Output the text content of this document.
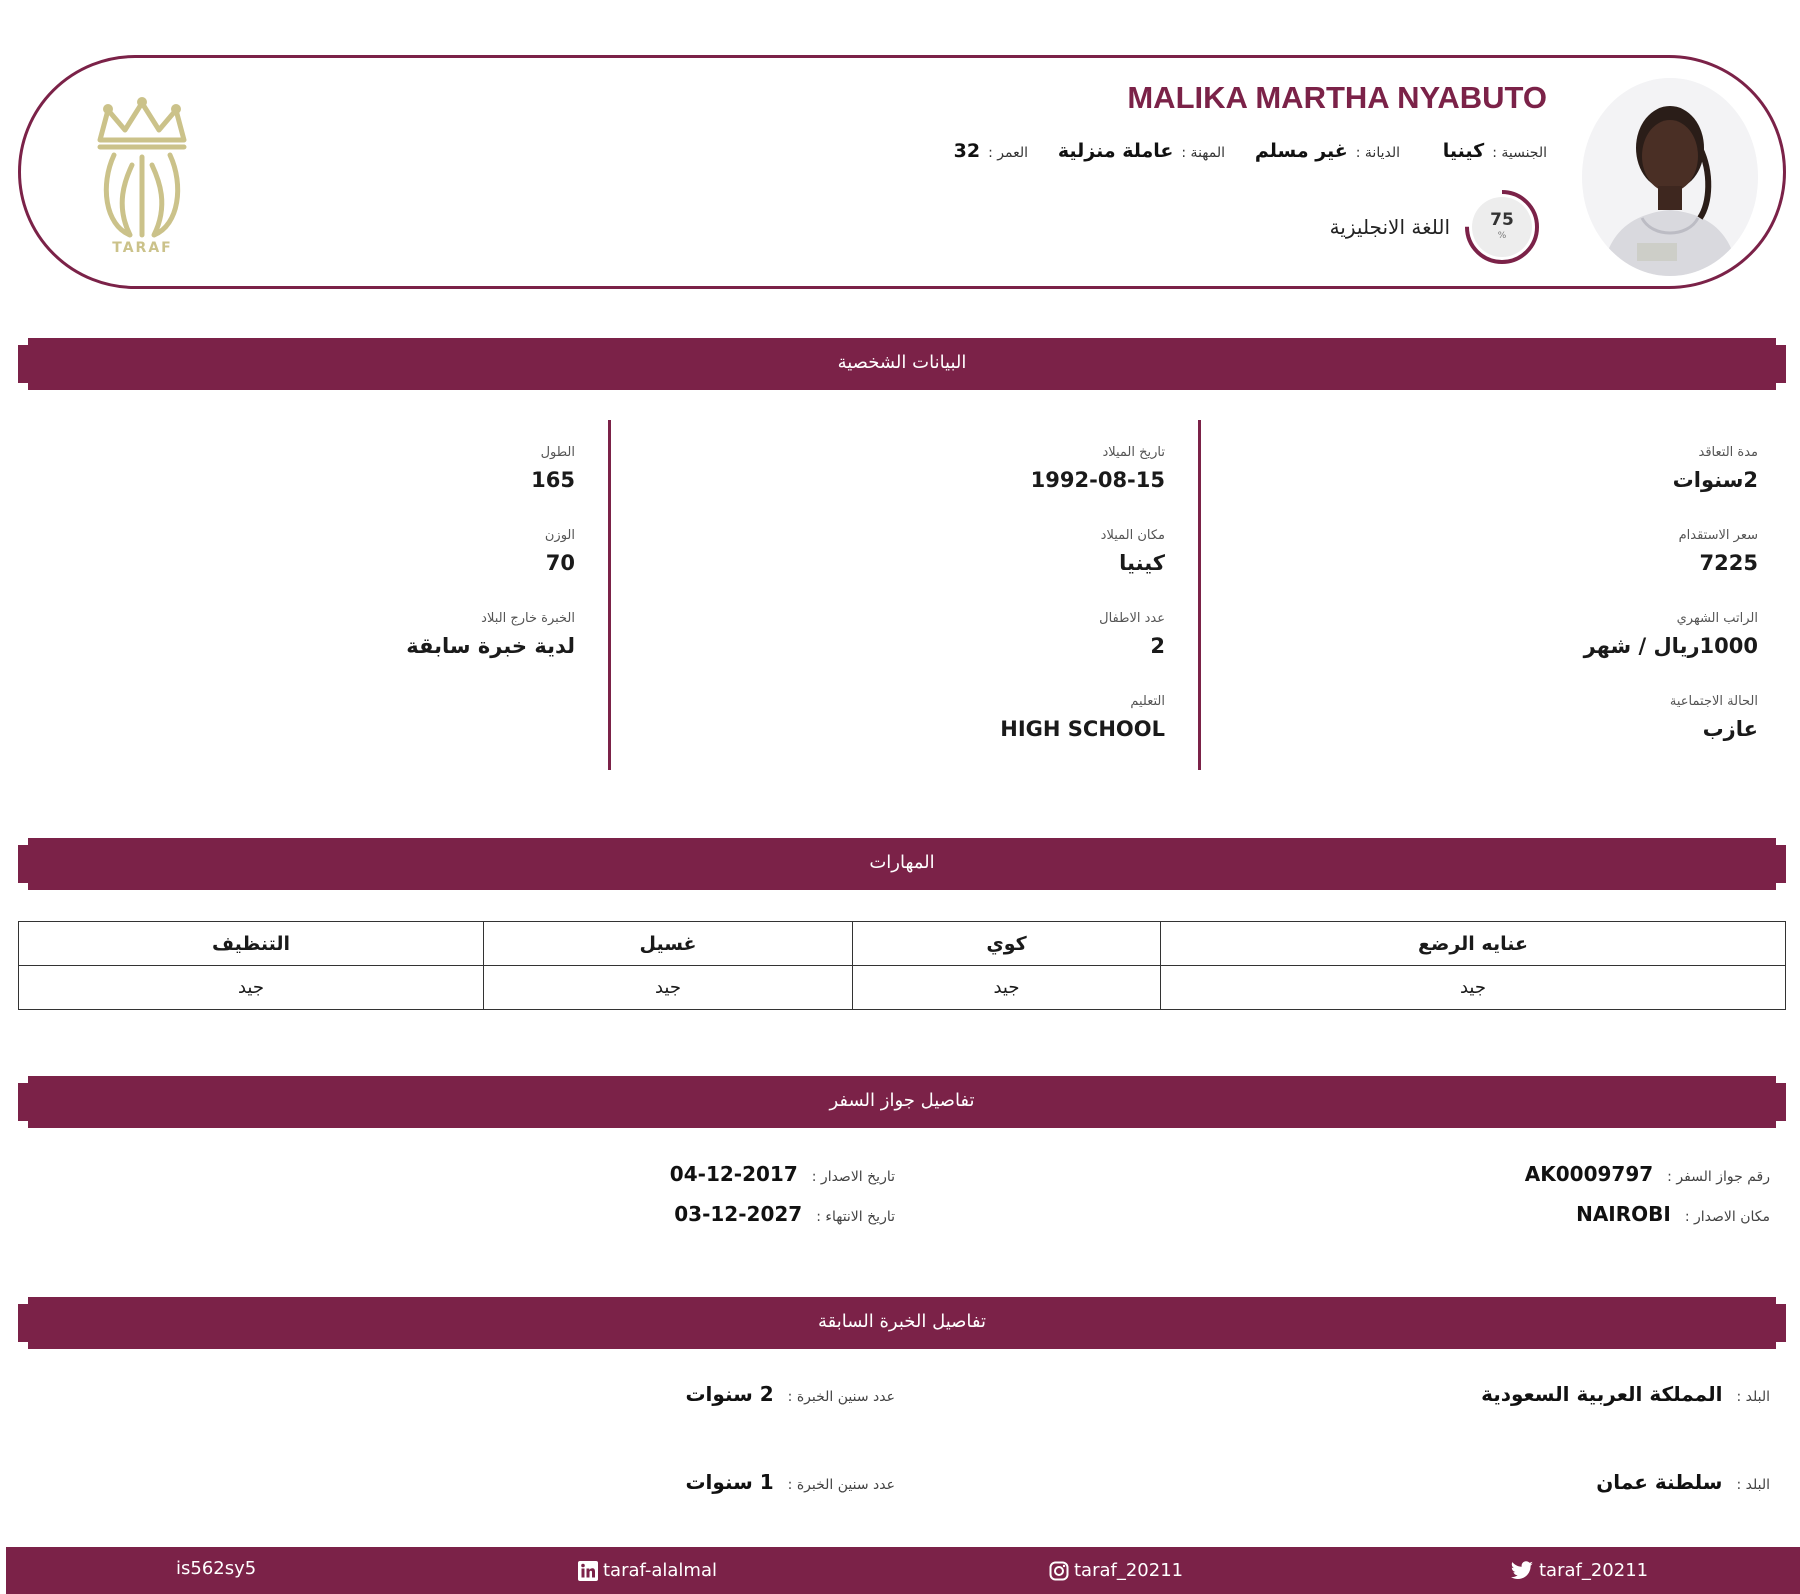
MALIKA MARTHA NYABUTO
الجنسية :كينيا
الديانة :غير مسلم
المهنة :عاملة منزلية
العمر :32
75
%
اللغة الانجليزية
TARAF
البيانات الشخصية
مدة التعاقد
2سنوات
سعر الاستقدام
7225
الراتب الشهري
1000ريال / شهر
الحالة الاجتماعية
عازب
تاريخ الميلاد
1992-08-15
مكان الميلاد
كينيا
عدد الاطفال
2
التعليم
HIGH SCHOOL
الطول
165
الوزن
70
الخبرة خارج البلاد
لدية خبرة سابقة
المهارات
عنايه الرضع	كوي	غسيل	التنظيف
جيد	جيد	جيد	جيد
تفاصيل جواز السفر
رقم جواز السفر :AK0009797
مكان الاصدار :NAIROBI
تاريخ الاصدار :2017-12-04
تاريخ الانتهاء :2027-12-03
تفاصيل الخبرة السابقة
البلد :المملكة العربية السعودية
عدد سنين الخبرة :2 سنوات
البلد :سلطنة عمان
عدد سنين الخبرة :1 سنوات
is562sy5	taraf-alalmal	taraf_20211	taraf_20211
